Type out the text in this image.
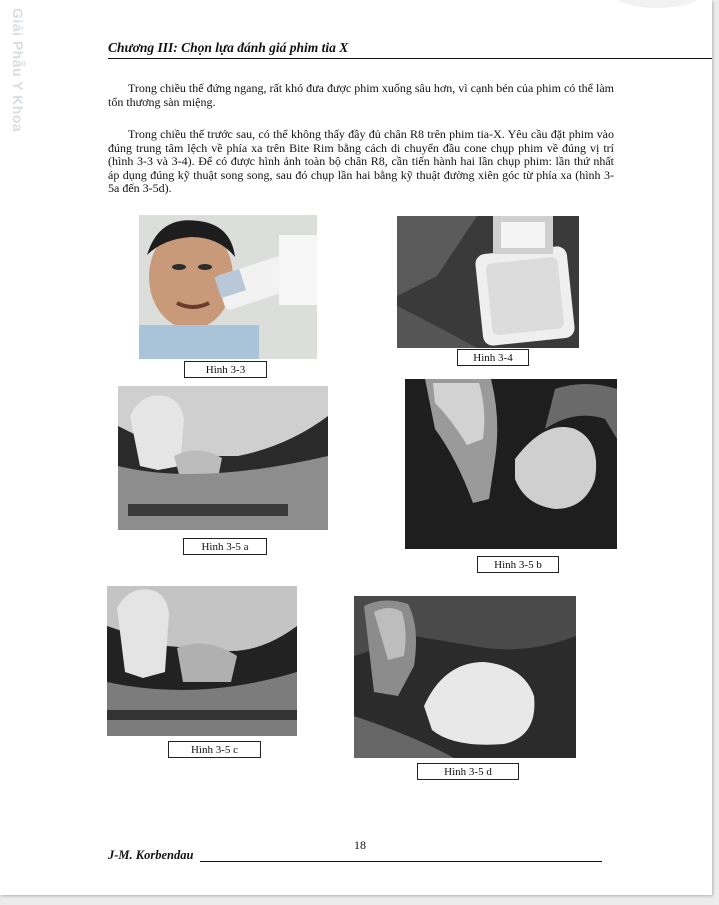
Giải Phẫu Y Khoa	Chương III: Chọn lựa đánh giá phim tia X

Trong chiều thế đứng ngang, rất khó đưa được phim xuống sâu hơn, vì cạnh bén của phim có thể làm tổn thương sàn miệng.

Trong chiều thế trước sau, có thể không thấy đầy đủ chân R8 trên phim tia-X. Yêu cầu đặt phim vào đúng trung tâm lệch về phía xa trên Bite Rim bằng cách di chuyển đầu cone chụp phim về đúng vị trí (hình 3-3 và 3-4). Để có được hình ảnh toàn bộ chân R8, cần tiến hành hai lần chụp phim: lần thứ nhất áp dụng đúng kỹ thuật song song, sau đó chụp lần hai bằng kỹ thuật đường xiên góc từ phía xa (hình 3-5a đến 3-5d).

Hình 3-3
Hình 3-4
Hình 3-5 a
Hình 3-5 b
Hình 3-5 c
Hình 3-5 d
18
J-M. Korbendau
